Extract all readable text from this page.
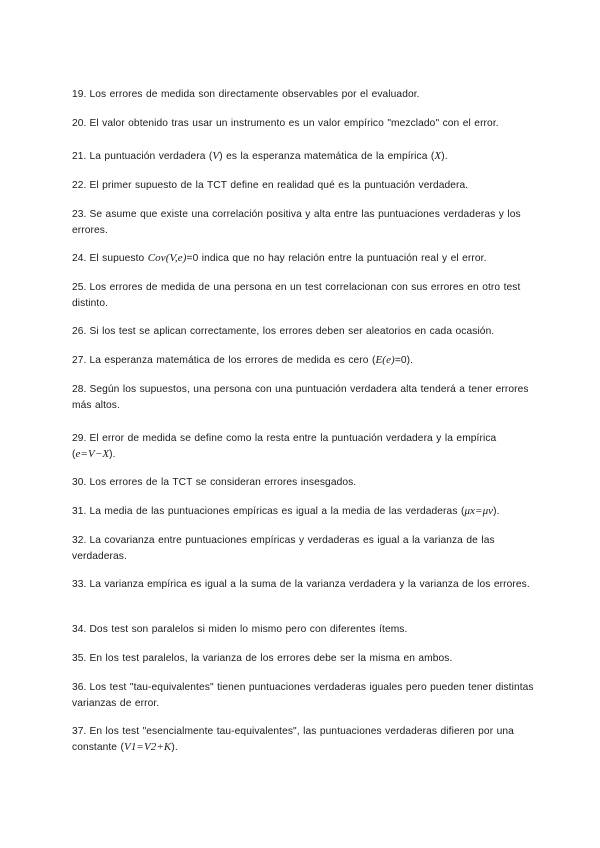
19. Los errores de medida son directamente observables por el evaluador.
20. El valor obtenido tras usar un instrumento es un valor empírico "mezclado" con el error.
21. La puntuación verdadera (V) es la esperanza matemática de la empírica (X).
22. El primer supuesto de la TCT define en realidad qué es la puntuación verdadera.
23. Se asume que existe una correlación positiva y alta entre las puntuaciones verdaderas y los errores.
24. El supuesto Cov(V,e)=0 indica que no hay relación entre la puntuación real y el error.
25. Los errores de medida de una persona en un test correlacionan con sus errores en otro test distinto.
26. Si los test se aplican correctamente, los errores deben ser aleatorios en cada ocasión.
27. La esperanza matemática de los errores de medida es cero (E(e)=0).
28. Según los supuestos, una persona con una puntuación verdadera alta tenderá a tener errores más altos.
29. El error de medida se define como la resta entre la puntuación verdadera y la empírica (e=V−X).
30. Los errores de la TCT se consideran errores insesgados.
31. La media de las puntuaciones empíricas es igual a la media de las verdaderas (μx=μv).
32. La covarianza entre puntuaciones empíricas y verdaderas es igual a la varianza de las verdaderas.
33. La varianza empírica es igual a la suma de la varianza verdadera y la varianza de los errores.
34. Dos test son paralelos si miden lo mismo pero con diferentes ítems.
35. En los test paralelos, la varianza de los errores debe ser la misma en ambos.
36. Los test "tau-equivalentes" tienen puntuaciones verdaderas iguales pero pueden tener distintas varianzas de error.
37. En los test "esencialmente tau-equivalentes", las puntuaciones verdaderas difieren por una constante (V1=V2+K).
